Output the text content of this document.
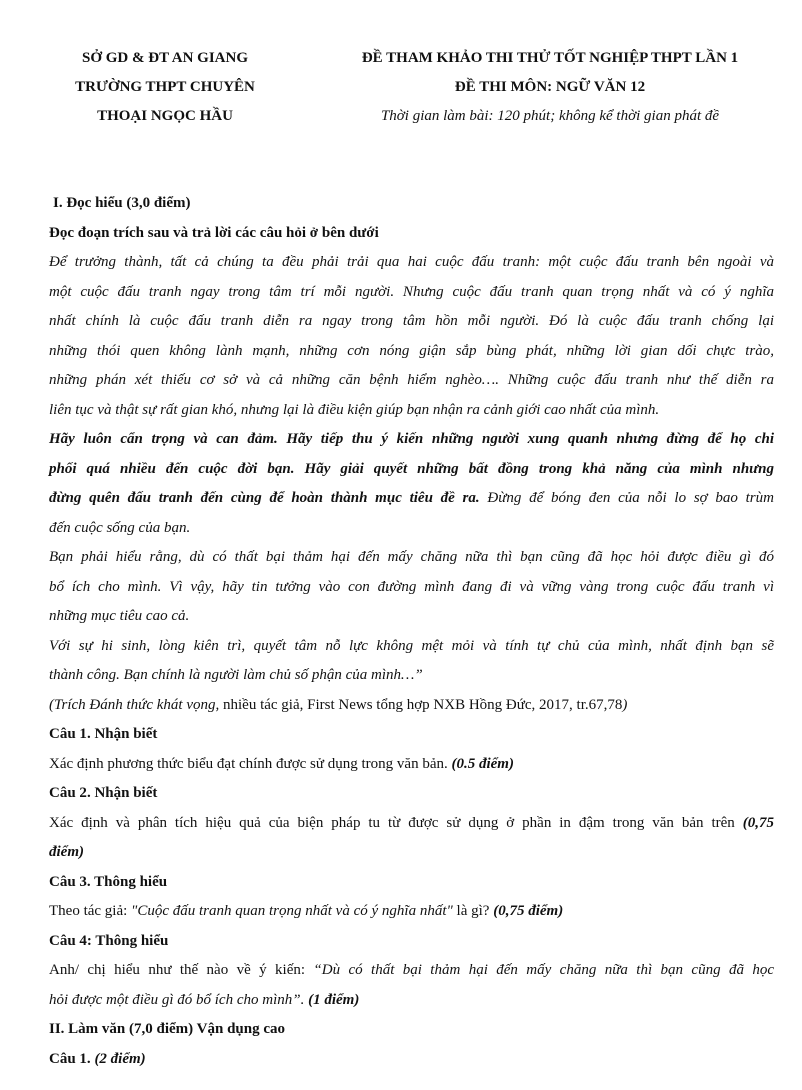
SỞ GD & ĐT AN GIANG
TRƯỜNG THPT CHUYÊN
THOẠI NGỌC HẦU
ĐỀ THAM KHẢO THI THỬ TỐT NGHIỆP THPT LẦN 1
ĐỀ THI MÔN: NGỮ VĂN 12
Thời gian làm bài: 120 phút; không kể thời gian phát đề

I. Đọc hiểu (3,0 điểm)

Đọc đoạn trích sau và trả lời các câu hỏi ở bên dưới

Để trưởng thành, tất cả chúng ta đều phải trải qua hai cuộc đấu tranh: một cuộc đấu tranh bên ngoài và

một cuộc đấu tranh ngay trong tâm trí mỗi người. Nhưng cuộc đấu tranh quan trọng nhất và có ý nghĩa

nhất chính là cuộc đấu tranh diễn ra ngay trong tâm hồn mỗi người. Đó là cuộc đấu tranh chống lại

những thói quen không lành mạnh, những cơn nóng giận sắp bùng phát, những lời gian dối chực trào,

những phán xét thiếu cơ sở và cả những căn bệnh hiểm nghèo…. Những cuộc đấu tranh như thế diễn ra

liên tục và thật sự rất gian khó, nhưng lại là điều kiện giúp bạn nhận ra cảnh giới cao nhất của mình.

Hãy luôn cẩn trọng và can đảm. Hãy tiếp thu ý kiến những người xung quanh nhưng đừng để họ chi

phối quá nhiều đến cuộc đời bạn. Hãy giải quyết những bất đồng trong khả năng của mình nhưng

đừng quên đấu tranh đến cùng để hoàn thành mục tiêu đề ra. Đừng để bóng đen của nỗi lo sợ bao trùm

đến cuộc sống của bạn.

Bạn phải hiểu rằng, dù có thất bại thảm hại đến mấy chăng nữa thì bạn cũng đã học hỏi được điều gì đó

bổ ích cho mình. Vì vậy, hãy tin tưởng vào con đường mình đang đi và vững vàng trong cuộc đấu tranh vì

những mục tiêu cao cả.

Với sự hi sinh, lòng kiên trì, quyết tâm nỗ lực không mệt mỏi và tính tự chủ của mình, nhất định bạn sẽ

thành công. Bạn chính là người làm chủ số phận của mình…”

(Trích Đánh thức khát vọng, nhiều tác giả, First News tổng hợp NXB Hồng Đức, 2017, tr.67,78)

Câu 1. Nhận biết

Xác định phương thức biểu đạt chính được sử dụng trong văn bản. (0.5 điểm)

Câu 2. Nhận biết

Xác định và phân tích hiệu quả của biện pháp tu từ được sử dụng ở phần in đậm trong văn bản trên (0,75

điểm)

Câu 3. Thông hiểu

Theo tác giả: "Cuộc đấu tranh quan trọng nhất và có ý nghĩa nhất" là gì? (0,75 điểm)

Câu 4: Thông hiểu

Anh/ chị hiểu như thế nào về ý kiến: “Dù có thất bại thảm hại đến mấy chăng nữa thì bạn cũng đã học

hỏi được một điều gì đó bổ ích cho mình”. (1 điểm)

II. Làm văn (7,0 điểm) Vận dụng cao

Câu 1. (2 điểm)
